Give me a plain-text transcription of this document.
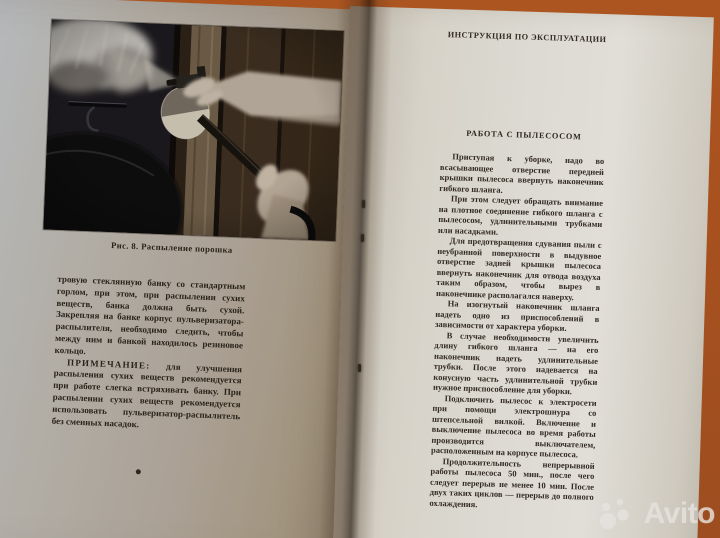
Рис. 8. Распыление порошка

тровую стеклянную банку со стандартным горлом, при этом, при распылении сухих веществ, банка должна быть сухой. Закрепляя на банке корпус пульверизатора-распылителя, необходимо следить, чтобы между ним и банкой находилось резиновое кольцо.

ПРИМЕЧАНИЕ: для улучшения распыления сухих веществ рекомендуется при работе слегка встряхивать банку. При распылении сухих веществ рекомендуется использовать пульверизатор-распылитель без сменных насадок.

ИНСТРУКЦИЯ ПО ЭКСПЛУАТАЦИИ
РАБОТА С ПЫЛЕСОСОМ

Приступая к уборке, надо во всасывающее отверстие передней крышки пылесоса ввернуть наконечник гибкого шланга.

При этом следует обращать внимание на плотное соединение гибкого шланга с пылесосом, удлинительными трубками или насадками.

Для предотвращения сдувания пыли с неубранной поверхности в выдувное отверстие задней крышки пылесоса ввернуть наконечник для отвода воздуха таким образом, чтобы вырез в наконечнике располагался наверху.

На изогнутый наконечник шланга надеть одно из приспособлений в зависимости от характера уборки.

В случае необходимости увеличить длину гибкого шланга — на его наконечник надеть удлинительные трубки. После этого надевается на конусную часть удлинительной трубки нужное приспособление для уборки.

Подключить пылесос к электросети при помощи электрошнура со штепсельной вилкой. Включение и выключение пылесоса во время работы производится выключателем, расположенным на корпусе пылесоса.

Продолжительность непрерывной работы пылесоса 50 мин., после чего следует перерыв не менее 10 мин. После двух таких циклов — перерыв до полного охлаждения.	Avito
